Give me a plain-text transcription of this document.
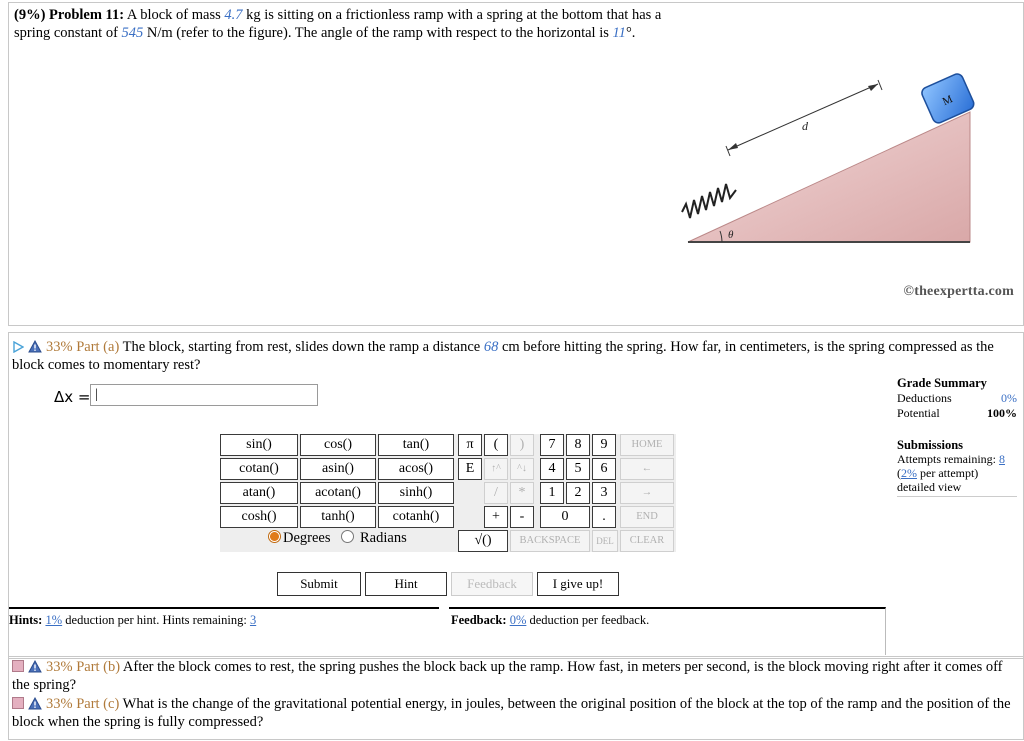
(9%) Problem 11: A block of mass 4.7 kg is sitting on a frictionless ramp with a spring at the bottom that has a spring constant of 545 N/m (refer to the figure). The angle of the ramp with respect to the horizontal is 11°.
M
d
θ
©theexpertta.com
33% Part (a) The block, starting from rest, slides down the ramp a distance 68 cm before hitting the spring. How far, in centimeters, is the spring compressed as the block comes to momentary rest?
Δx = |
Grade Summary
Deductions	0%
Potential	100%
Submissions
Attempts remaining: 8
(2% per attempt)
detailed view
sin()	cos()	tan()
cotan()	asin()	acos()
atan()	acotan()	sinh()
cosh()	tanh()	cotanh()
π	(	)
E	↑^	^↓
/	*
+	-
√()
7	8	9
4	5	6
1	2	3
0	.
HOME
←
→
END
BACKSPACE	DEL	CLEAR
Degrees Radians
Submit	Hint	Feedback	I give up!
Hints: 1% deduction per hint. Hints remaining: 3	Feedback: 0% deduction per feedback.
33% Part (b) After the block comes to rest, the spring pushes the block back up the ramp. How fast, in meters per second, is the block moving right after it comes off the spring?
33% Part (c) What is the change of the gravitational potential energy, in joules, between the original position of the block at the top of the ramp and the position of the block when the spring is fully compressed?
